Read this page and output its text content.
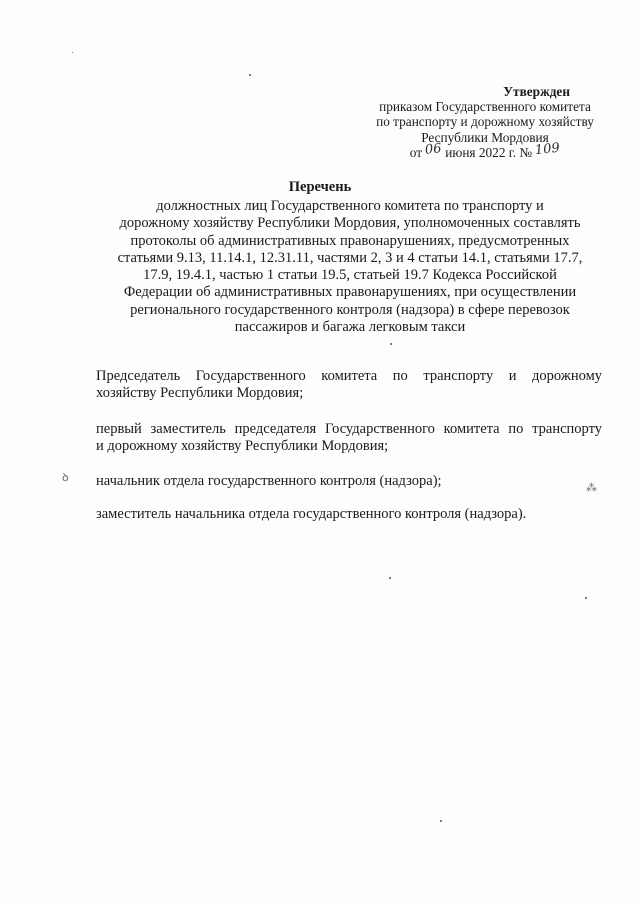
Утвержден
приказом Государственного комитета
по транспорту и дорожному хозяйству
Республики Мордовия
от 06 июня 2022 г. № 109
Перечень
должностных лиц Государственного комитета по транспорту и
дорожному хозяйству Республики Мордовия, уполномоченных составлять
протоколы об административных правонарушениях, предусмотренных
статьями 9.13, 11.14.1, 12.31.11, частями 2, 3 и 4 статьи 14.1, статьями 17.7,
17.9, 19.4.1, частью 1 статьи 19.5, статьей 19.7 Кодекса Российской
Федерации об административных правонарушениях, при осуществлении
регионального государственного контроля (надзора) в сфере перевозок
пассажиров и багажа легковым такси
Председатель Государственного комитета по транспорту и дорожному
хозяйству Республики Мордовия;
первый заместитель председателя Государственного комитета по транспорту
и дорожному хозяйству Республики Мордовия;
начальник отдела государственного контроля (надзора);
заместитель начальника отдела государственного контроля (надзора).
ꝺ
⁂
